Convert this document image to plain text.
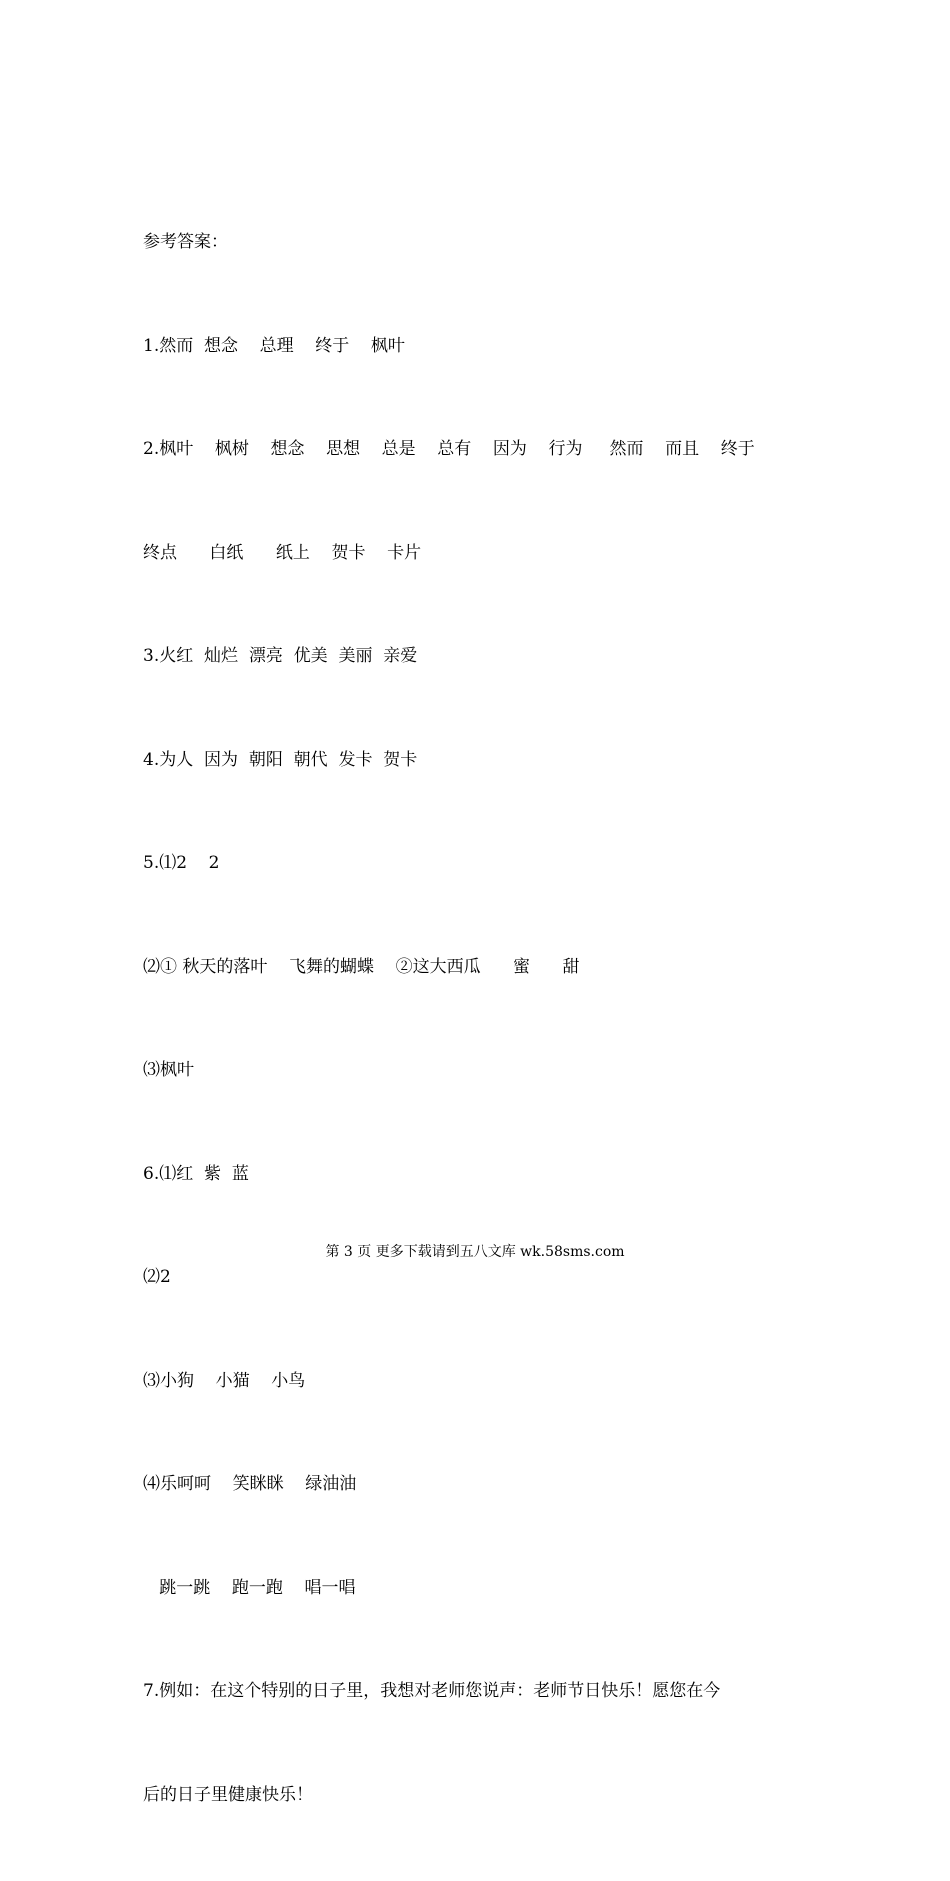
参考答案：

1.然而  想念    总理    终于    枫叶

2.枫叶    枫树    想念    思想    总是    总有    因为    行为     然而    而且    终于

终点      白纸      纸上    贺卡    卡片

3.火红  灿烂  漂亮  优美  美丽  亲爱

4.为人  因为  朝阳  朝代  发卡  贺卡

5.⑴2    2

⑵① 秋天的落叶    飞舞的蝴蝶    ②这大西瓜      蜜      甜

⑶枫叶

6.⑴红  紫  蓝

⑵2

⑶小狗    小猫    小鸟

⑷乐呵呵    笑眯眯    绿油油

跳一跳    跑一跑    唱一唱

7.例如：在这个特别的日子里，我想对老师您说声：老师节日快乐！愿您在今

后的日子里健康快乐！

第 3 页 更多下载请到五八文库 wk.58sms.com
